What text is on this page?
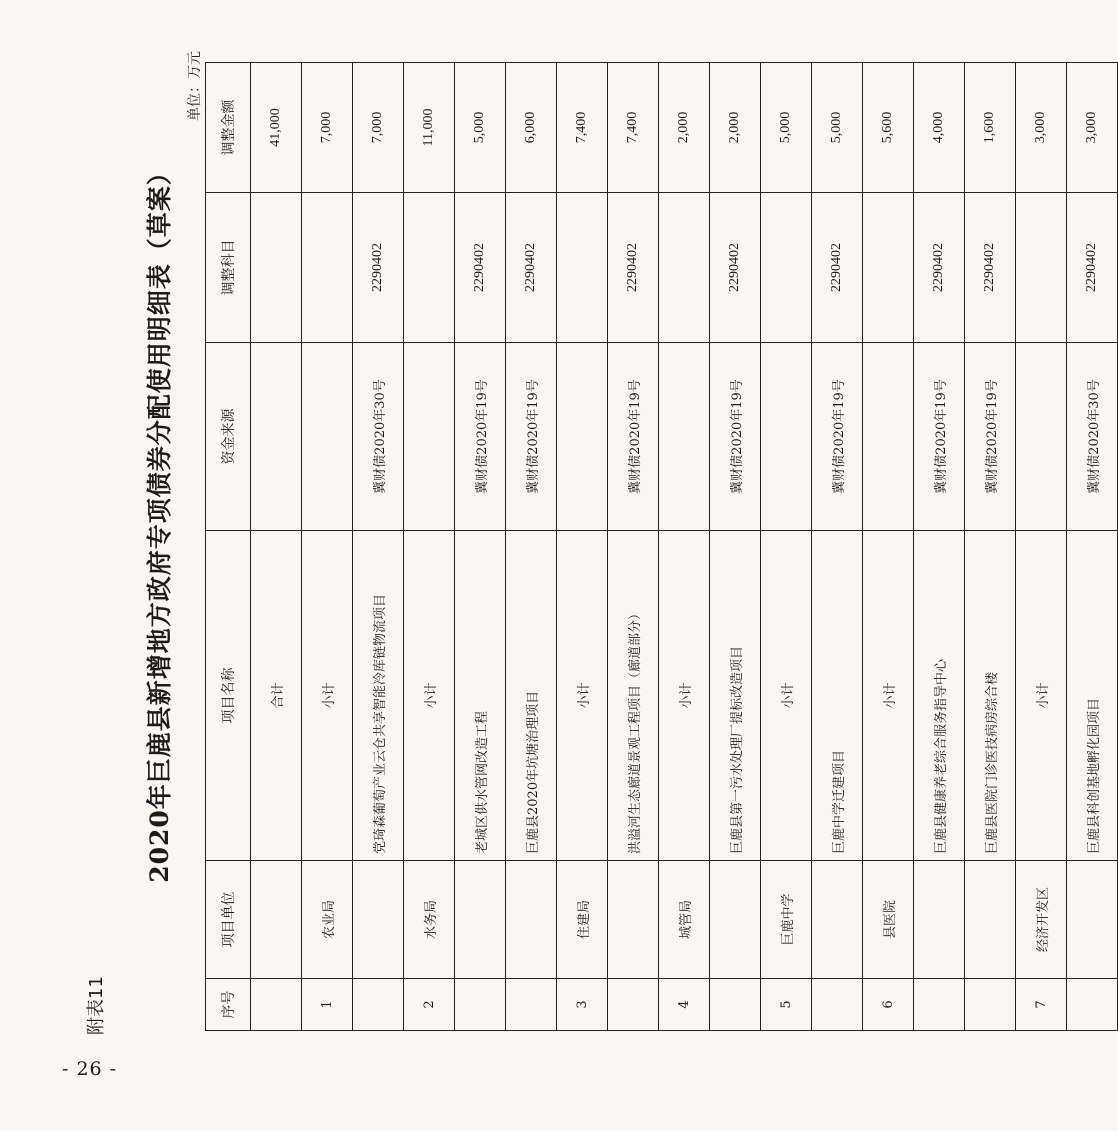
- 26 -
附表11
2020年巨鹿县新增地方政府专项债券分配使用明细表（草案）
单位：万元
序号	项目单位	项目名称	资金来源	调整科目	调整金额
		合计			41,000
1	农业局	小计			7,000
		党琦森葡萄产业云仓共享智能冷库链物流项目	冀财债2020年30号	2290402	7,000
2	水务局	小计			11,000
		老城区供水管网改造工程	冀财债2020年19号	2290402	5,000
		巨鹿县2020年坑塘治理项目	冀财债2020年19号	2290402	6,000
3	住建局	小计			7,400
		洪溢河生态廊道景观工程项目（廊道部分）	冀财债2020年19号	2290402	7,400
4	城管局	小计			2,000
		巨鹿县第一污水处理厂提标改造项目	冀财债2020年19号	2290402	2,000
5	巨鹿中学	小计			5,000
		巨鹿中学迁建项目	冀财债2020年19号	2290402	5,000
6	县医院	小计			5,600
		巨鹿县健康养老综合服务指导中心	冀财债2020年19号	2290402	4,000
		巨鹿县医院门诊医技病房综合楼	冀财债2020年19号	2290402	1,600
7	经济开发区	小计			3,000
		巨鹿县科创基地孵化园项目	冀财债2020年30号	2290402	3,000
